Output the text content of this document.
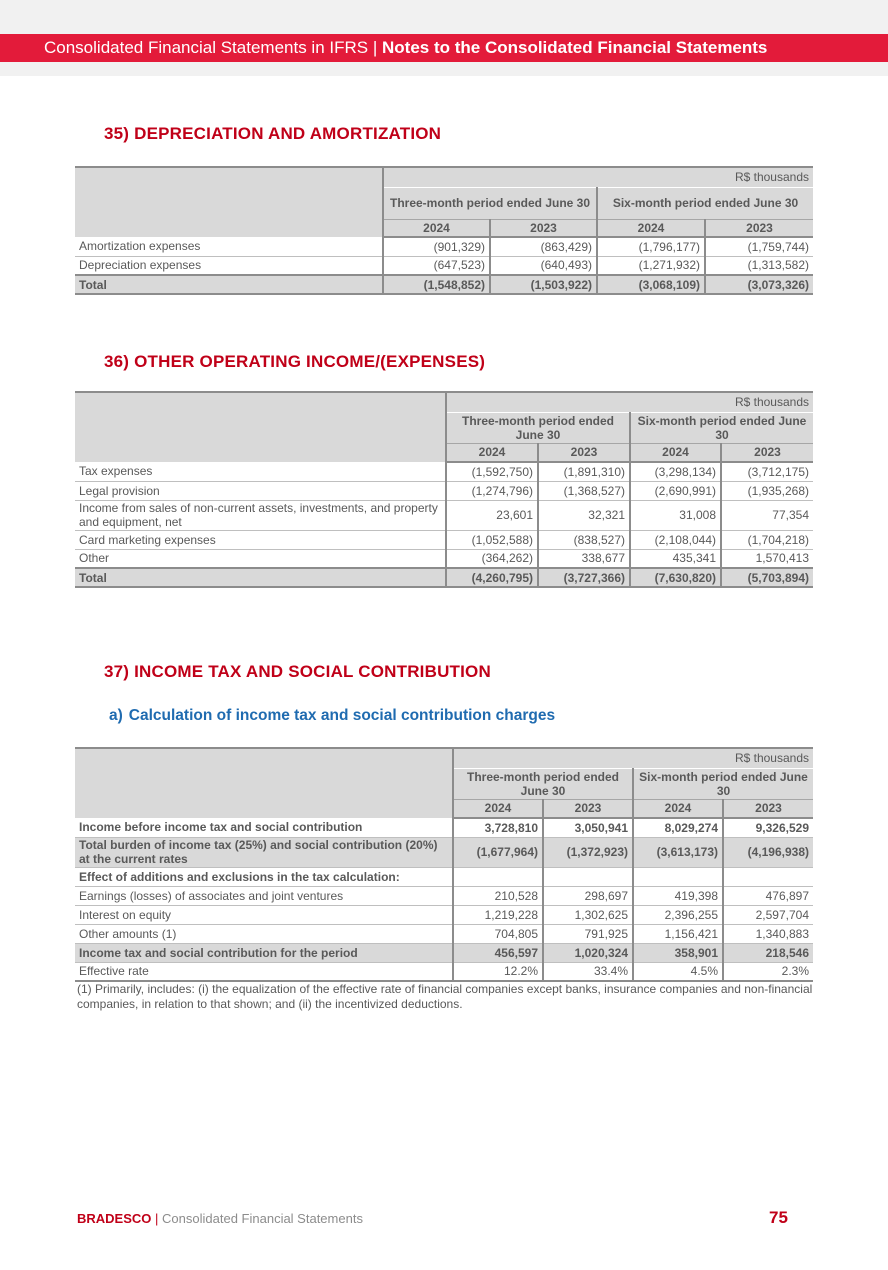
Consolidated Financial Statements in IFRS | Notes to the Consolidated Financial Statements
35) DEPRECIATION AND AMORTIZATION
	R$ thousands			
	Three-month period ended June 30		Six-month period ended June 30	
	2024	2023	2024	2023
Amortization expenses	(901,329)	(863,429)	(1,796,177)	(1,759,744)
Depreciation expenses	(647,523)	(640,493)	(1,271,932)	(1,313,582)
Total	(1,548,852)	(1,503,922)	(3,068,109)	(3,073,326)
36) OTHER OPERATING INCOME/(EXPENSES)
	R$ thousands			
	Three-month period ended June 30		Six-month period ended June 30	
	2024	2023	2024	2023
Tax expenses	(1,592,750)	(1,891,310)	(3,298,134)	(3,712,175)
Legal provision	(1,274,796)	(1,368,527)	(2,690,991)	(1,935,268)
Income from sales of non-current assets, investments, and property and equipment, net	23,601	32,321	31,008	77,354
Card marketing expenses	(1,052,588)	(838,527)	(2,108,044)	(1,704,218)
Other	(364,262)	338,677	435,341	1,570,413
Total	(4,260,795)	(3,727,366)	(7,630,820)	(5,703,894)
37) INCOME TAX AND SOCIAL CONTRIBUTION
a) Calculation of income tax and social contribution charges
	R$ thousands			
	Three-month period ended June 30		Six-month period ended June 30	
	2024	2023	2024	2023
Income before income tax and social contribution	3,728,810	3,050,941	8,029,274	9,326,529
Total burden of income tax (25%) and social contribution (20%) at the current rates	(1,677,964)	(1,372,923)	(3,613,173)	(4,196,938)
Effect of additions and exclusions in the tax calculation:				
Earnings (losses) of associates and joint ventures	210,528	298,697	419,398	476,897
Interest on equity	1,219,228	1,302,625	2,396,255	2,597,704
Other amounts (1)	704,805	791,925	1,156,421	1,340,883
Income tax and social contribution for the period	456,597	1,020,324	358,901	218,546
Effective rate	12.2%	33.4%	4.5%	2.3%
(1) Primarily, includes: (i) the equalization of the effective rate of financial companies except banks, insurance companies and non-financial companies, in relation to that shown; and (ii) the incentivized deductions.
BRADESCO | Consolidated Financial Statements	75
